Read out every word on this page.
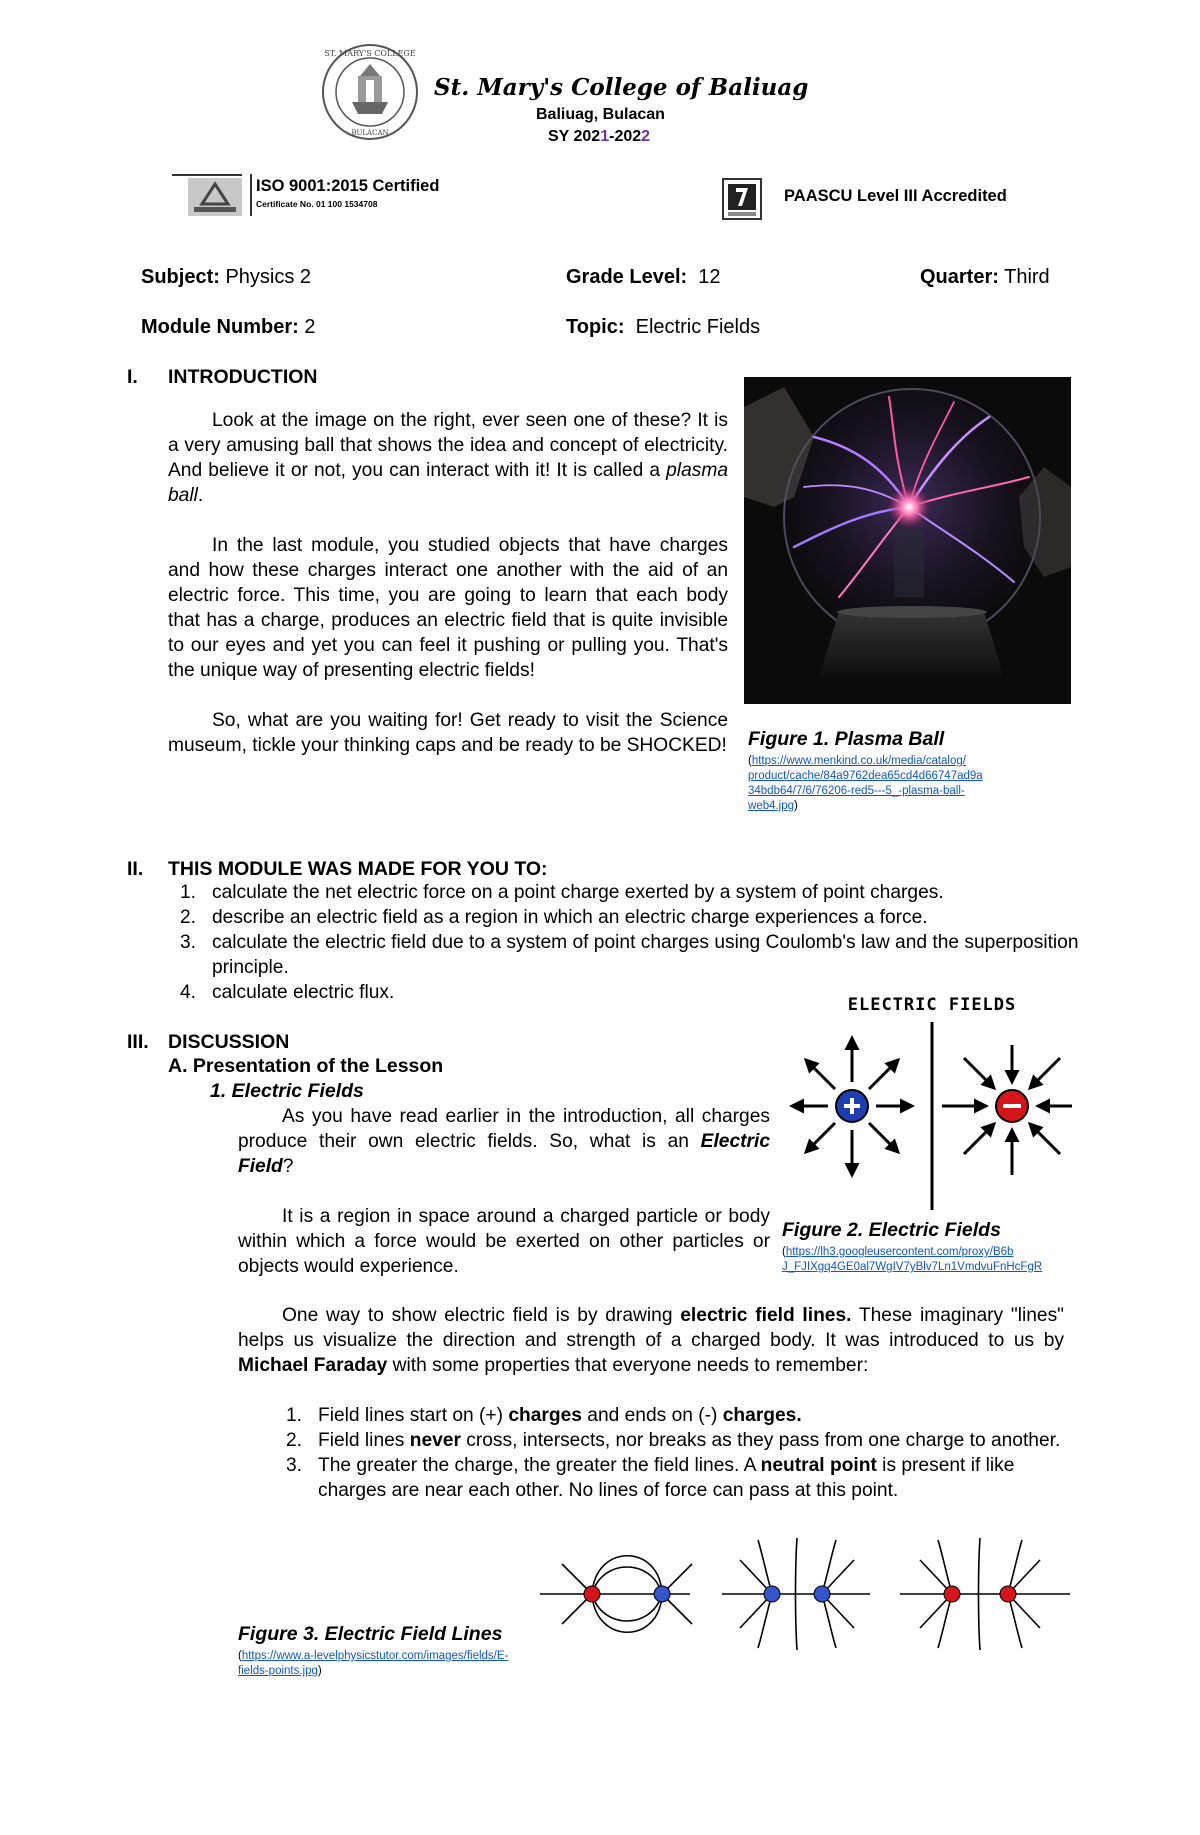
ST. MARY'S COLLEGE
BULACAN
St. Mary's College of Baliuag
Baliuag, Bulacan
SY 2021-2022
ISO 9001:2015 Certified
Certificate No. 01 100 1534708	PAASCU Level III Accredited
Subject: Physics 2	Grade Level: 12	Quarter: Third
Module Number: 2	Topic: Electric Fields
I. INTRODUCTION

Look at the image on the right, ever seen one of these? It is a very amusing ball that shows the idea and concept of electricity. And believe it or not, you can interact with it! It is called a plasma ball.

In the last module, you studied objects that have charges and how these charges interact one another with the aid of an electric force. This time, you are going to learn that each body that has a charge, produces an electric field that is quite invisible to our eyes and yet you can feel it pushing or pulling you. That's the unique way of presenting electric fields!

So, what are you waiting for! Get ready to visit the Science museum, tickle your thinking caps and be ready to be SHOCKED! Figure 1. Plasma Ball
(https://www.menkind.co.uk/media/catalog/
product/cache/84a9762dea65cd4d66747ad9a
34bdb64/7/6/76206-red5---5_-plasma-ball-
web4.jpg)
II. THIS MODULE WAS MADE FOR YOU TO:
1. calculate the net electric force on a point charge exerted by a system of point charges.
2. describe an electric field as a region in which an electric charge experiences a force.
3. calculate the electric field due to a system of point charges using Coulomb's law and the superposition principle.
4. calculate electric flux.
III. DISCUSSION
A. Presentation of the Lesson
1. Electric Fields

As you have read earlier in the introduction, all charges produce their own electric fields. So, what is an Electric Field?

It is a region in space around a charged particle or body within which a force would be exerted on other particles or objects would experience.

ELECTRIC FIELDS
Figure 2. Electric Fields
(https://lh3.googleusercontent.com/proxy/B6b
J_FJIXgq4GE0al7WgIV7yBlv7Ln1VmdvuFnHcFgR

One way to show electric field is by drawing electric field lines. These imaginary "lines" helps us visualize the direction and strength of a charged body. It was introduced to us by Michael Faraday with some properties that everyone needs to remember:

1. Field lines start on (+) charges and ends on (-) charges.
2. Field lines never cross, intersects, nor breaks as they pass from one charge to another.
3. The greater the charge, the greater the field lines. A neutral point is present if like charges are near each other. No lines of force can pass at this point.
Figure 3. Electric Field Lines
(https://www.a-levelphysicstutor.com/images/fields/E-
fields-points.jpg)
